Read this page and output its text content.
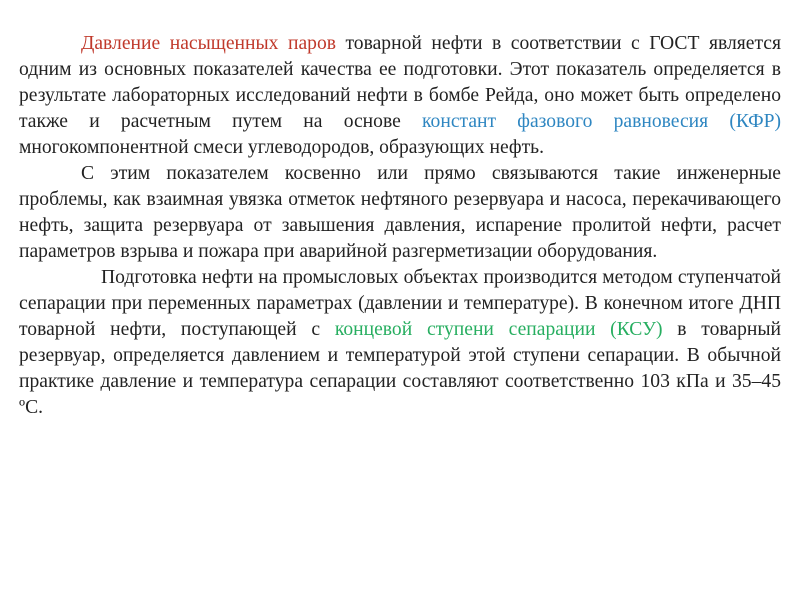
Давление насыщенных паров товарной нефти в соответствии с ГОСТ является одним из основных показателей качества ее подготовки. Этот показатель определяется в результате лабораторных исследований нефти в бомбе Рейда, оно может быть определено также и расчетным путем на основе констант фазового равновесия (КФР) многокомпонентной смеси углеводородов, образующих нефть.

С этим показателем косвенно или прямо связываются такие инженерные проблемы, как взаимная увязка отметок нефтяного резервуара и насоса, перекачивающего нефть, защита резервуара от завышения давления, испарение пролитой нефти, расчет параметров взрыва и пожара при аварийной разгерметизации оборудования.

Подготовка нефти на промысловых объектах производится методом ступенчатой сепарации при переменных параметрах (давлении и температуре). В конечном итоге ДНП товарной нефти, поступающей с концевой ступени сепарации (КСУ) в товарный резервуар, определяется давлением и температурой этой ступени сепарации. В обычной практике давление и температура сепарации составляют соответственно 103 кПа и 35–45 ºС.
